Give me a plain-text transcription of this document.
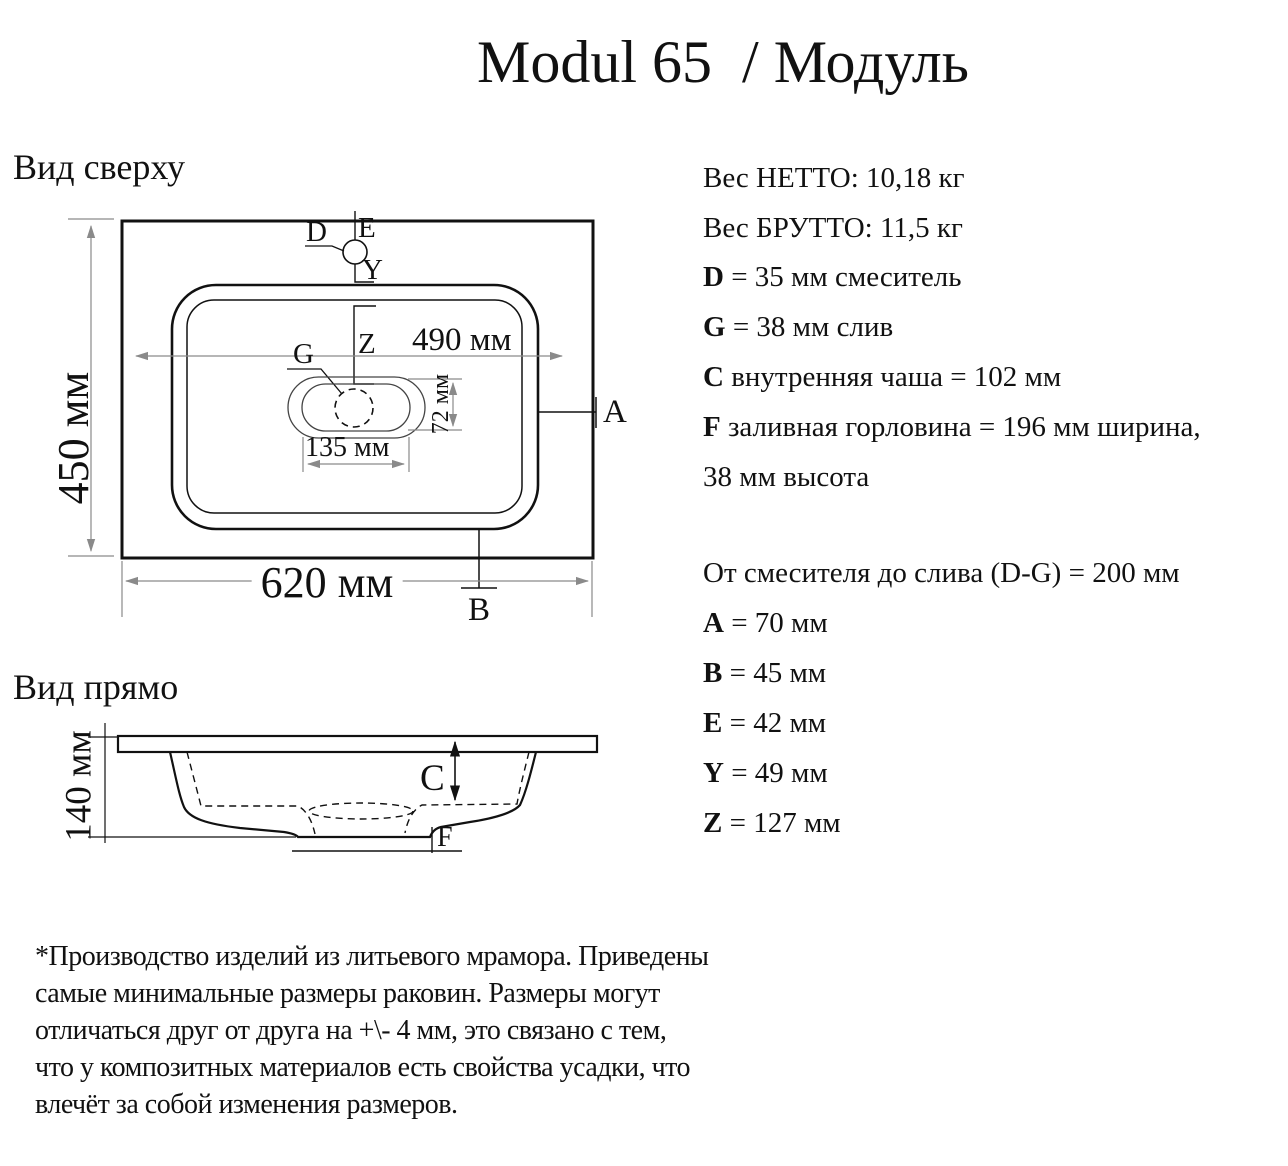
Modul 65  / Модуль
Вид сверху
Вид прямо
D E
Y
G Z
A
B
C
F
450 мм
620 мм
490 мм
135 мм
72 мм
140 мм
Вес НЕТТО: 10,18 кг
Вес БРУТТО: 11,5 кг
D = 35 мм смеситель
G = 38 мм слив
C внутренняя чаша = 102 мм
F заливная горловина = 196 мм ширина,
38 мм высота
От смесителя до слива (D-G) = 200 мм
A = 70 мм
B = 45 мм
E = 42 мм
Y = 49 мм
Z = 127 мм
*Производство изделий из литьевого мрамора. Приведены
самые минимальные размеры раковин. Размеры могут
отличаться друг от друга на +\- 4 мм, это связано с тем,
что у композитных материалов есть свойства усадки, что
влечёт за собой изменения размеров.
